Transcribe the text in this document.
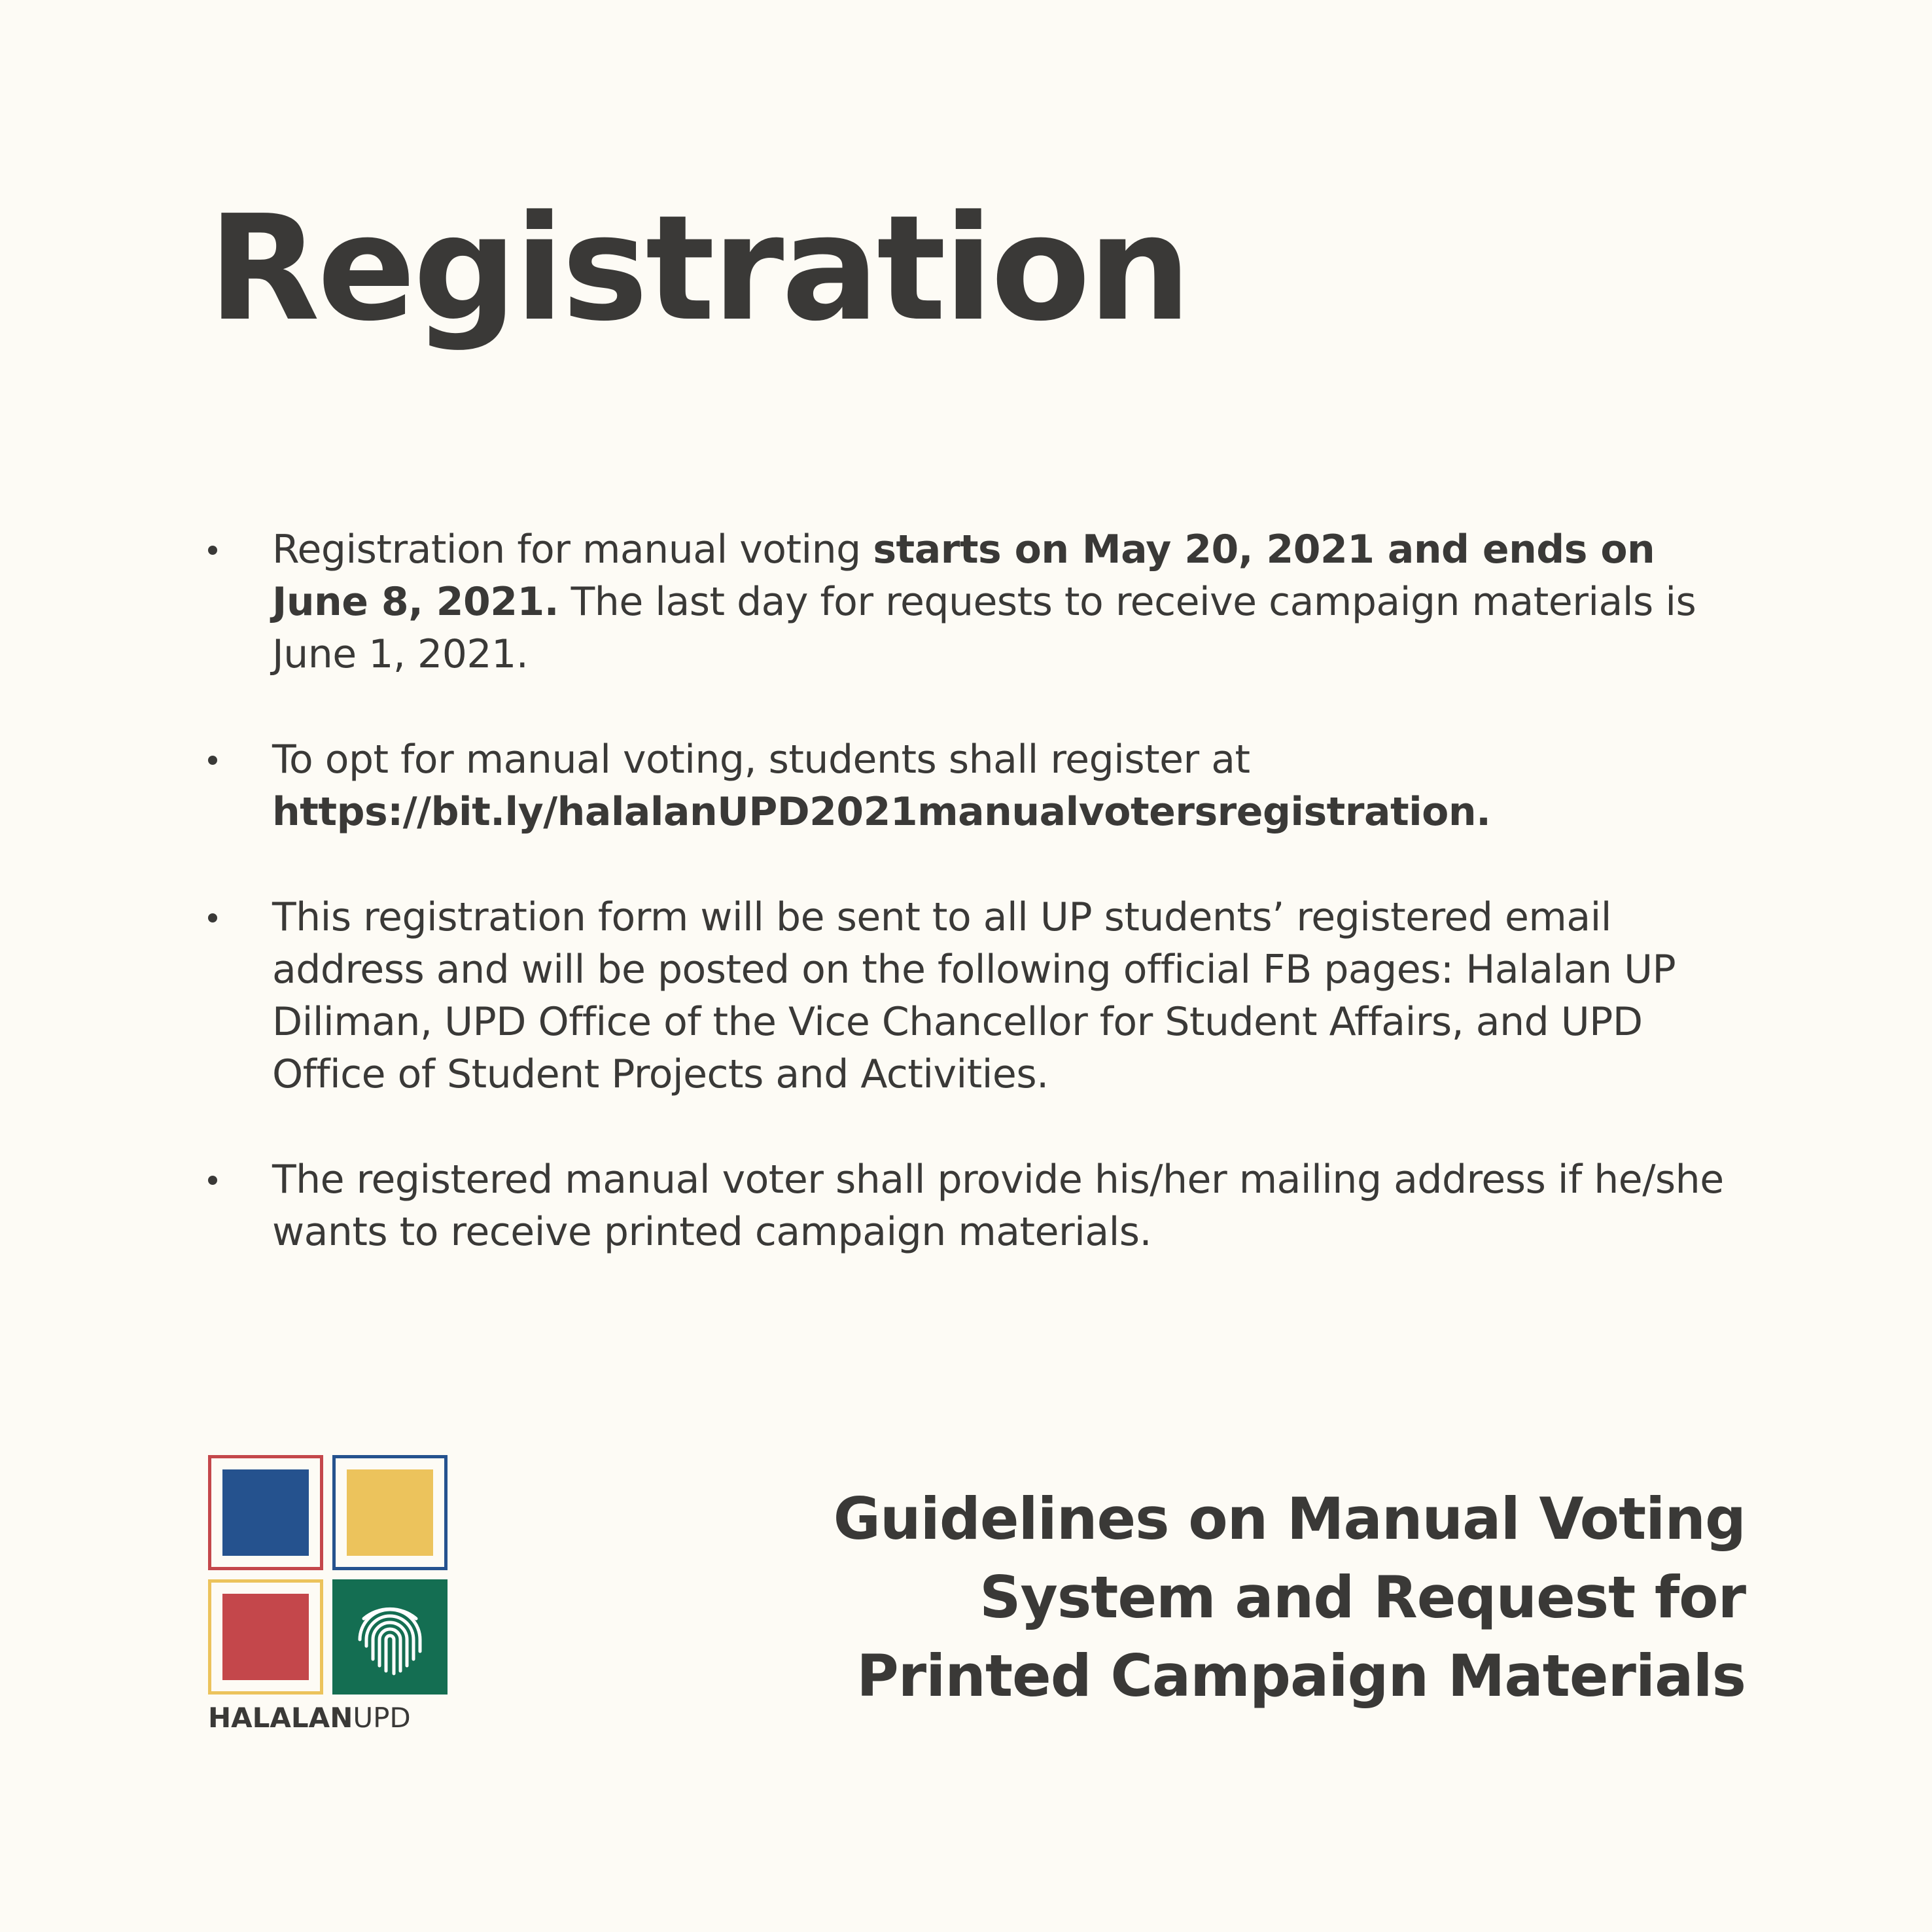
Registration
Registration for manual voting starts on May 20, 2021 and ends on June 8, 2021. The last day for requests to receive campaign materials is June 1, 2021.
To opt for manual voting, students shall register at
https://bit.ly/halalanUPD2021manualvotersregistration.
This registration form will be sent to all UP students’ registered email address and will be posted on the following official FB pages: Halalan UP Diliman, UPD Office of the Vice Chancellor for Student Affairs, and UPD Office of Student Projects and Activities.
The registered manual voter shall provide his/her mailing address if he/she wants to receive printed campaign materials.
HALALANUPD
Guidelines on Manual Voting
System and Request for
Printed Campaign Materials
